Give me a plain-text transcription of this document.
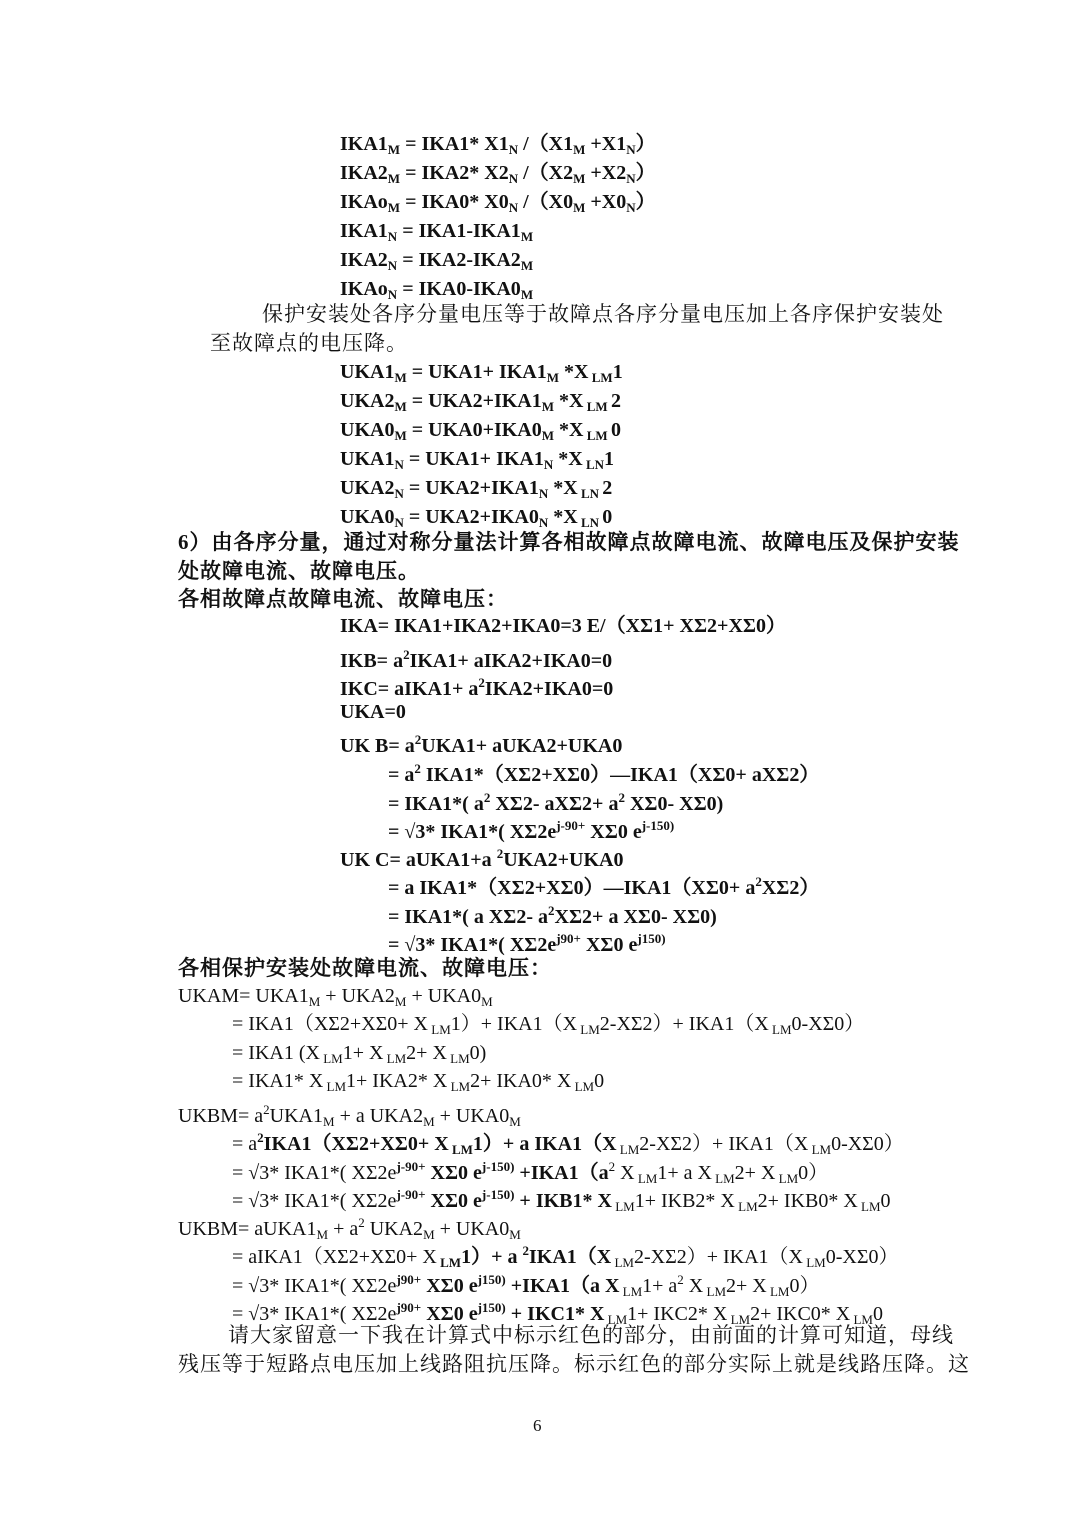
$IKA1_M = IKA1*$ $X1_N$ $/(X1_M +X1_N)$
$IKA2_M = IKA2*$ $X2_N$ $/(X2_M +X2_N)$
IKAo$_M$ = IKA0* $X0_N$ $/(X0_M +X0_N)$
$IKA1_N = IKA1-IKA1_M$
$IKA2_N = IKA2-IKA2_M$
IKAo$_N$ = $IKA0-IKA0_M$
保护安装处各序分量电压等于故障点各序分量电压加上各序保护安装处
至故障点的电压降。
$UKA1_M = UKA1+ IKA1_M$ *X $_{LM}$1
$UKA2_M = UKA2+IKA1_M$ *X $_{LM}$ 2
$UKA0_M = UKA0+IKA0_M$ *X $_{LM}$ 0
$UKA1_N = UKA1+ IKA1_N$ *X $_{LN}$1
$UKA2_N = UKA2+IKA1_N$ *X $_{LN}$ 2
$UKA0_N = UKA2+IKA0_N$ *X $_{LN}$ 0
6）由各序分量，通过对称分量法计算各相故障点故障电流、故障电压及保护安装
处故障电流、故障电压。
各相故障点故障电流、故障电压：
IKA= IKA1+IKA2+IKA0=3 E/（XΣ1+ XΣ2+XΣ0）
$IKB= a^2IKA1+$ aIKA2+IKA0=0
IKC= aIKA1+ $a^2IKA2+IKA0=0$
UKA=0
UK $B= a^2UKA1+$ aUKA2+UKA0
= $a^2$ IKA1*（XΣ2+XΣ0）—IKA1（XΣ0+ aXΣ2）
= IKA1*( $a^2$ XΣ2- $aX\Sigma 2+ a^2$ XΣ0- XΣ0)
= √3* IKA1*( $X\Sigma 2e^{j-90+}$ XΣ0 $e^{j-150)}$
UK C= aUKA1+a $^2$UKA2+UKA0
= a IKA1*（XΣ2+XΣ0）—IKA1（XΣ0+ $a^2X\Sigma 2$）
= IKA1*( a XΣ2- $a^2X\Sigma 2+ a$ XΣ0- XΣ0)
= √3* IKA1*( $X\Sigma 2e^{j90+}$ XΣ0 $e^{j150)}$
各相保护安装处故障电流、故障电压：
UKAM= $UKA1_M + UKA2_M + UKA0_M$
= IKA1（XΣ2+XΣ0+ X $_{LM}$1）+ IKA1（X $_{LM}$2-XΣ2）+ IKA1（X $_{LM}$0-XΣ0）
= IKA1 (X $_{LM}$1+ X $_{LM}$2+ X $_{LM}$0)
= IKA1* X $_{LM}$1+ IKA2* X $_{LM}$2+ IKA0* X $_{LM}$0
UKBM= $a^2UKA1_M + a$ $UKA2_M + UKA0_M$
= $a^2IKA1(X\Sigma 2+X\Sigma 0+ X$ $_{LM}$1）+ a IKA1（X $_{LM}$2-XΣ2）+ IKA1（X $_{LM}$0-XΣ0）
= √3* IKA1*( $X\Sigma 2e^{j-90+}$ XΣ0 $e^{j-150)} +IKA1(a^2$ X $_{LM}$1+ a X $_{LM}$2+ X $_{LM}$0）
= √3* IKA1*( $X\Sigma 2e^{j-90+}$ XΣ0 $e^{j-150)} + IKB1*$ X $_{LM}$1+ IKB2* X $_{LM}$2+ IKB0* X $_{LM}$0
UKBM= $aUKA1_M + a^2$ $UKA2_M + UKA0_M$
= aIKA1（XΣ2+XΣ0+ X $_{LM}$1）+ a $^2$IKA1（X $_{LM}$2-XΣ2）+ IKA1（X $_{LM}$0-XΣ0）
= √3* IKA1*( $X\Sigma 2e^{j90+}$ XΣ0 $e^{j150)} +IKA1(a$ X $_{LM}1+ a^2$ X $_{LM}$2+ X $_{LM}$0）
= √3* IKA1*( $X\Sigma 2e^{j90+}$ XΣ0 $e^{j150)} + IKC1*$ X $_{LM}$1+ IKC2* X $_{LM}$2+ IKC0* X $_{LM}$0
请大家留意一下我在计算式中标示红色的部分，由前面的计算可知道，母线
残压等于短路点电压加上线路阻抗压降。标示红色的部分实际上就是线路压降。这
6
